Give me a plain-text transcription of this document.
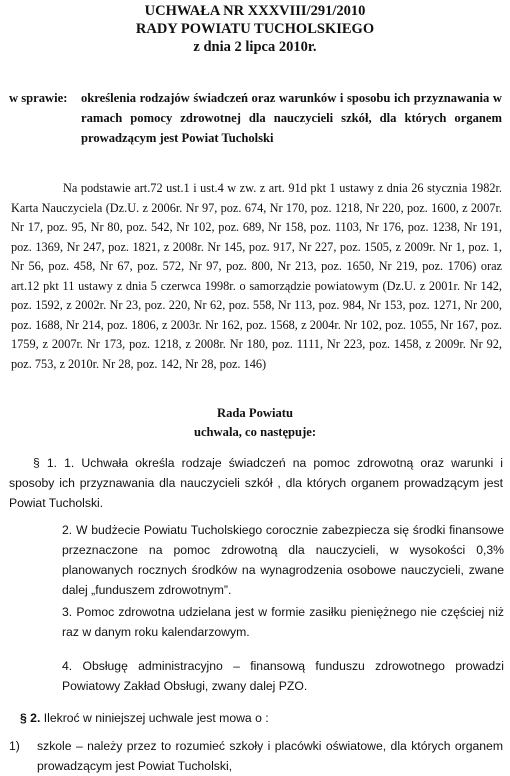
UCHWAŁA NR XXXVIII/291/2010
RADY POWIATU TUCHOLSKIEGO
z dnia 2 lipca 2010r.
w sprawie: określenia rodzajów świadczeń oraz warunków i sposobu ich przyznawania w ramach pomocy zdrowotnej dla nauczycieli szkół, dla których organem prowadzącym jest Powiat Tucholski
Na podstawie art.72 ust.1 i ust.4 w zw. z art. 91d pkt 1 ustawy z dnia 26 stycznia 1982r. Karta Nauczyciela (Dz.U. z 2006r. Nr 97, poz. 674, Nr 170, poz. 1218, Nr 220, poz. 1600, z 2007r. Nr 17, poz. 95, Nr 80, poz. 542, Nr 102, poz. 689, Nr 158, poz. 1103, Nr 176, poz. 1238, Nr 191, poz. 1369, Nr 247, poz. 1821, z 2008r. Nr 145, poz. 917, Nr 227, poz. 1505, z 2009r. Nr 1, poz. 1, Nr 56, poz. 458, Nr 67, poz. 572, Nr 97, poz. 800, Nr 213, poz. 1650, Nr 219, poz. 1706) oraz art.12 pkt 11 ustawy z dnia 5 czerwca 1998r. o samorządzie powiatowym (Dz.U. z 2001r. Nr 142, poz. 1592, z 2002r. Nr 23, poz. 220, Nr 62, poz. 558, Nr 113, poz. 984, Nr 153, poz. 1271, Nr 200, poz. 1688, Nr 214, poz. 1806, z 2003r. Nr 162, poz. 1568, z 2004r. Nr 102, poz. 1055, Nr 167, poz. 1759, z 2007r. Nr 173, poz. 1218, z 2008r. Nr 180, poz. 1111, Nr 223, poz. 1458, z 2009r. Nr 92, poz. 753, z 2010r. Nr 28, poz. 142, Nr 28, poz. 146)
Rada Powiatu
uchwala, co następuje:
§ 1. 1. Uchwała określa rodzaje świadczeń na pomoc zdrowotną oraz warunki i sposoby ich przyznawania dla nauczycieli szkół , dla których organem prowadzącym jest Powiat Tucholski.
2. W budżecie Powiatu Tucholskiego corocznie zabezpiecza się środki finansowe przeznaczone na pomoc zdrowotną dla nauczycieli, w wysokości 0,3% planowanych rocznych środków na wynagrodzenia osobowe nauczycieli, zwane dalej „funduszem zdrowotnym”.
3. Pomoc zdrowotna udzielana jest w formie zasiłku pieniężnego nie częściej niż raz w danym roku kalendarzowym.
4. Obsługę administracyjno – finansową funduszu zdrowotnego prowadzi Powiatowy Zakład Obsługi, zwany dalej PZO.
§ 2. Ilekroć w niniejszej uchwale jest mowa o :
1) szkole – należy przez to rozumieć szkoły i placówki oświatowe, dla których organem prowadzącym jest Powiat Tucholski,
